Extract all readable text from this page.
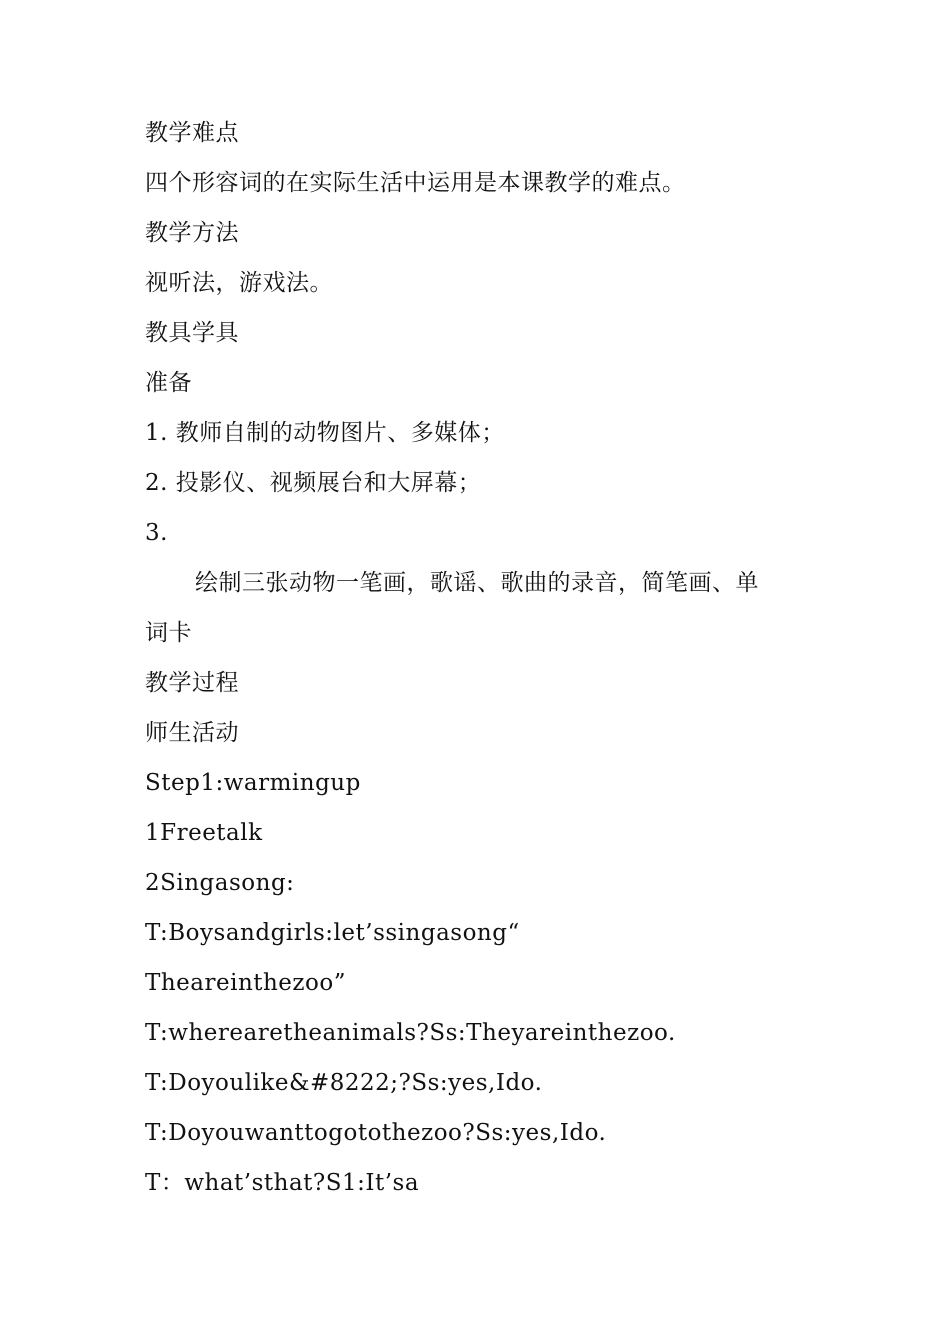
教学难点
四个形容词的在实际生活中运用是本课教学的难点。
教学方法
视听法，游戏法。
教具学具
准备
1. 教师自制的动物图片、多媒体；
2. 投影仪、视频展台和大屏幕；
3.
绘制三张动物一笔画，歌谣、歌曲的录音，简笔画、单
词卡
教学过程
师生活动
Step1:warmingup
1Freetalk
2Singasong:
T:Boysandgirls:let’ssingasong“
Theareinthezoo”
T:wherearetheanimals?Ss:Theyareinthezoo.
T:Doyoulike&#8222;?Ss:yes,Ido.
T:Doyouwanttogotothezoo?Ss:yes,Ido.
T：what’sthat?S1:It’sa
